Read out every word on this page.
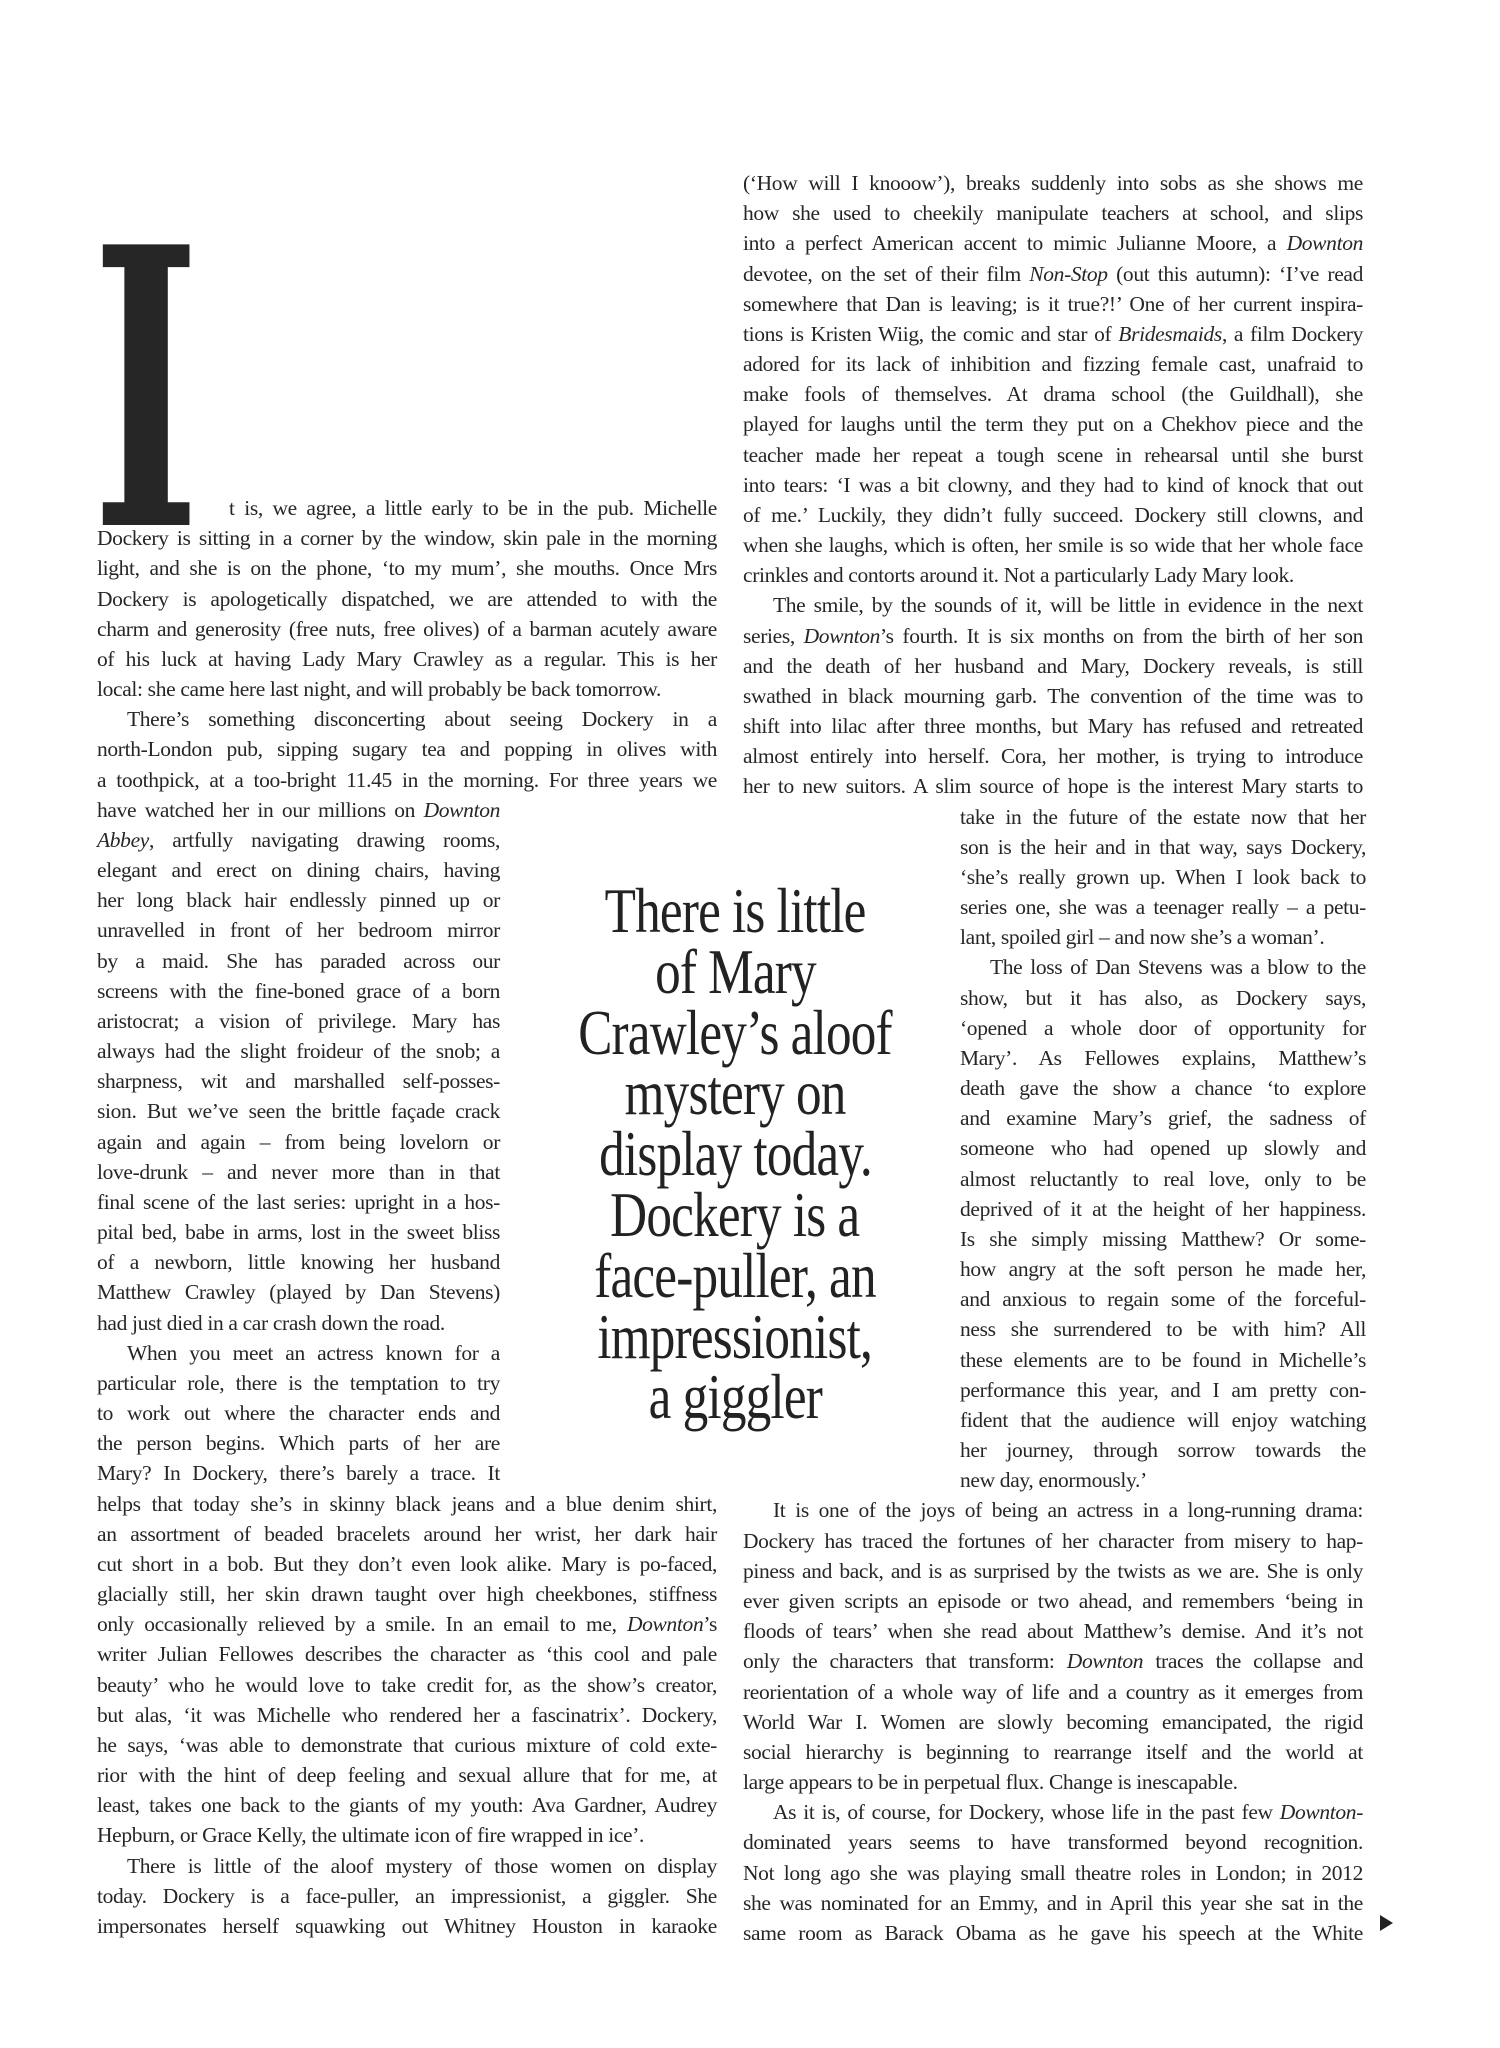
I t is, we agree, a little early to be in the pub. Michelle
Dockery is sitting in a corner by the window, skin pale in the morning
light, and she is on the phone, ‘to my mum’, she mouths. Once Mrs
Dockery is apologetically dispatched, we are attended to with the
charm and generosity (free nuts, free olives) of a barman acutely aware
of his luck at having Lady Mary Crawley as a regular. This is her
local: she came here last night, and will probably be back tomorrow.
There’s something disconcerting about seeing Dockery in a
north-London pub, sipping sugary tea and popping in olives with
a toothpick, at a too-bright 11.45 in the morning. For three years we
have watched her in our millions on Downton
Abbey, artfully navigating drawing rooms,
elegant and erect on dining chairs, having
her long black hair endlessly pinned up or
unravelled in front of her bedroom mirror
by a maid. She has paraded across our
screens with the fine-boned grace of a born
aristocrat; a vision of privilege. Mary has
always had the slight froideur of the snob; a
sharpness, wit and marshalled self-posses-
sion. But we’ve seen the brittle façade crack
again and again – from being lovelorn or
love-drunk – and never more than in that
final scene of the last series: upright in a hos-
pital bed, babe in arms, lost in the sweet bliss
of a newborn, little knowing her husband
Matthew Crawley (played by Dan Stevens)
had just died in a car crash down the road.
When you meet an actress known for a
particular role, there is the temptation to try
to work out where the character ends and
the person begins. Which parts of her are
Mary? In Dockery, there’s barely a trace. It
helps that today she’s in skinny black jeans and a blue denim shirt,
an assortment of beaded bracelets around her wrist, her dark hair
cut short in a bob. But they don’t even look alike. Mary is po-faced,
glacially still, her skin drawn taught over high cheekbones, stiffness
only occasionally relieved by a smile. In an email to me, Downton’s
writer Julian Fellowes describes the character as ‘this cool and pale
beauty’ who he would love to take credit for, as the show’s creator,
but alas, ‘it was Michelle who rendered her a fascinatrix’. Dockery,
he says, ‘was able to demonstrate that curious mixture of cold exte-
rior with the hint of deep feeling and sexual allure that for me, at
least, takes one back to the giants of my youth: Ava Gardner, Audrey
Hepburn, or Grace Kelly, the ultimate icon of fire wrapped in ice’.
There is little of the aloof mystery of those women on display
today. Dockery is a face-puller, an impressionist, a giggler. She
impersonates herself squawking out Whitney Houston in karaoke
(‘How will I knooow’), breaks suddenly into sobs as she shows me
how she used to cheekily manipulate teachers at school, and slips
into a perfect American accent to mimic Julianne Moore, a Downton
devotee, on the set of their film Non-Stop (out this autumn): ‘I’ve read
somewhere that Dan is leaving; is it true?!’ One of her current inspira-
tions is Kristen Wiig, the comic and star of Bridesmaids, a film Dockery
adored for its lack of inhibition and fizzing female cast, unafraid to
make fools of themselves. At drama school (the Guildhall), she
played for laughs until the term they put on a Chekhov piece and the
teacher made her repeat a tough scene in rehearsal until she burst
into tears: ‘I was a bit clowny, and they had to kind of knock that out
of me.’ Luckily, they didn’t fully succeed. Dockery still clowns, and
when she laughs, which is often, her smile is so wide that her whole face
crinkles and contorts around it. Not a particularly Lady Mary look.
The smile, by the sounds of it, will be little in evidence in the next
series, Downton’s fourth. It is six months on from the birth of her son
and the death of her husband and Mary, Dockery reveals, is still
swathed in black mourning garb. The convention of the time was to
shift into lilac after three months, but Mary has refused and retreated
almost entirely into herself. Cora, her mother, is trying to introduce
her to new suitors. A slim source of hope is the interest Mary starts to
take in the future of the estate now that her
son is the heir and in that way, says Dockery,
‘she’s really grown up. When I look back to
series one, she was a teenager really – a petu-
lant, spoiled girl – and now she’s a woman’.
The loss of Dan Stevens was a blow to the
show, but it has also, as Dockery says,
‘opened a whole door of opportunity for
Mary’. As Fellowes explains, Matthew’s
death gave the show a chance ‘to explore
and examine Mary’s grief, the sadness of
someone who had opened up slowly and
almost reluctantly to real love, only to be
deprived of it at the height of her happiness.
Is she simply missing Matthew? Or some-
how angry at the soft person he made her,
and anxious to regain some of the forceful-
ness she surrendered to be with him? All
these elements are to be found in Michelle’s
performance this year, and I am pretty con-
fident that the audience will enjoy watching
her journey, through sorrow towards the
new day, enormously.’
It is one of the joys of being an actress in a long-running drama:
Dockery has traced the fortunes of her character from misery to hap-
piness and back, and is as surprised by the twists as we are. She is only
ever given scripts an episode or two ahead, and remembers ‘being in
floods of tears’ when she read about Matthew’s demise. And it’s not
only the characters that transform: Downton traces the collapse and
reorientation of a whole way of life and a country as it emerges from
World War I. Women are slowly becoming emancipated, the rigid
social hierarchy is beginning to rearrange itself and the world at
large appears to be in perpetual flux. Change is inescapable.
As it is, of course, for Dockery, whose life in the past few Downton-
dominated years seems to have transformed beyond recognition.
Not long ago she was playing small theatre roles in London; in 2012
she was nominated for an Emmy, and in April this year she sat in the
same room as Barack Obama as he gave his speech at the White
There is little
of Mary
Crawley’s aloof
mystery on
display today.
Dockery is a
face-puller, an
impressionist,
a giggler
